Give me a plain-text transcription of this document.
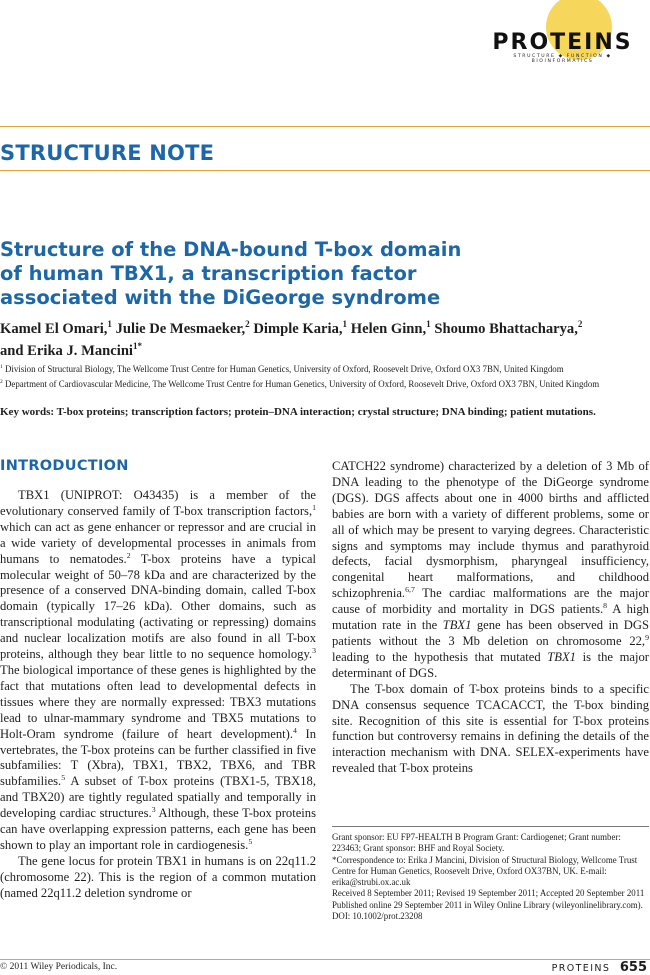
PROTEINS
STRUCTURE ◆ FUNCTION ◆ BIOINFORMATICS
STRUCTURE NOTE
Structure of the DNA-bound T-box domain
of human TBX1, a transcription factor
associated with the DiGeorge syndrome
Kamel El Omari,$^1$ Julie De Mesmaeker,$^2$ Dimple Karia,$^1$ Helen Ginn,$^1$ Shoumo Bhattacharya,$^2$
and Erika J. Mancini$^{1*}$
$^1$ Division of Structural Biology, The Wellcome Trust Centre for Human Genetics, University of Oxford, Roosevelt Drive, Oxford OX3 7BN, United Kingdom
$^2$ Department of Cardiovascular Medicine, The Wellcome Trust Centre for Human Genetics, University of Oxford, Roosevelt Drive, Oxford OX3 7BN, United Kingdom
Key words: T-box proteins; transcription factors; protein–DNA interaction; crystal structure; DNA binding; patient mutations.
INTRODUCTION

TBX1 (UNIPROT: O43435) is a member of the evolutionary conserved family of T-box transcription factors,$^1$ which can act as gene enhancer or repressor and are crucial in a wide variety of developmental processes in animals from humans to nematodes.$^2$ T-box proteins have a typical molecular weight of 50–78 kDa and are characterized by the presence of a conserved DNA-binding domain, called T-box domain (typically 17–26 kDa). Other domains, such as transcriptional modulating (activating or repressing) domains and nuclear localization motifs are also found in all T-box proteins, although they bear little to no sequence homology.$^3$ The biological importance of these genes is highlighted by the fact that mutations often lead to developmental defects in tissues where they are normally expressed: TBX3 mutations lead to ulnar-mammary syndrome and TBX5 mutations to Holt-Oram syndrome (failure of heart development).$^4$ In vertebrates, the T-box proteins can be further classified in five subfamilies: T (Xbra), TBX1, TBX2, TBX6, and TBR subfamilies.$^5$ A subset of T-box proteins (TBX1-5, TBX18, and TBX20) are tightly regulated spatially and temporally in developing cardiac structures.$^3$ Although, these T-box proteins can have overlapping expression patterns, each gene has been shown to play an important role in cardiogenesis.$^5$

The gene locus for protein TBX1 in humans is on 22q11.2 (chromosome 22). This is the region of a common mutation (named 22q11.2 deletion syndrome or

CATCH22 syndrome) characterized by a deletion of 3 Mb of DNA leading to the phenotype of the DiGeorge syndrome (DGS). DGS affects about one in 4000 births and afflicted babies are born with a variety of different problems, some or all of which may be present to varying degrees. Characteristic signs and symptoms may include thymus and parathyroid defects, facial dysmorphism, pharyngeal insufficiency, congenital heart malformations, and childhood schizophrenia.$^{6,7}$ The cardiac malformations are the major cause of morbidity and mortality in DGS patients.$^8$ A high mutation rate in the TBX1 gene has been observed in DGS patients without the 3 Mb deletion on chromosome 22,$^9$ leading to the hypothesis that mutated TBX1 is the major determinant of DGS.

The T-box domain of T-box proteins binds to a specific DNA consensus sequence TCACACCT, the T-box binding site. Recognition of this site is essential for T-box proteins function but controversy remains in defining the details of the interaction mechanism with DNA. SELEX-experiments have revealed that T-box proteins

Grant sponsor: EU FP7-HEALTH B Program Grant: Cardiogenet; Grant number: 223463; Grant sponsor: BHF and Royal Society.
*Correspondence to: Erika J Mancini, Division of Structural Biology, Wellcome Trust Centre for Human Genetics, Roosevelt Drive, Oxford OX37BN, UK. E-mail: erika@strubi.ox.ac.uk
Received 8 September 2011; Revised 19 September 2011; Accepted 20 September 2011
Published online 29 September 2011 in Wiley Online Library (wileyonlinelibrary.com). DOI: 10.1002/prot.23208
© 2011 Wiley Periodicals, Inc.	PROTEINS 655
